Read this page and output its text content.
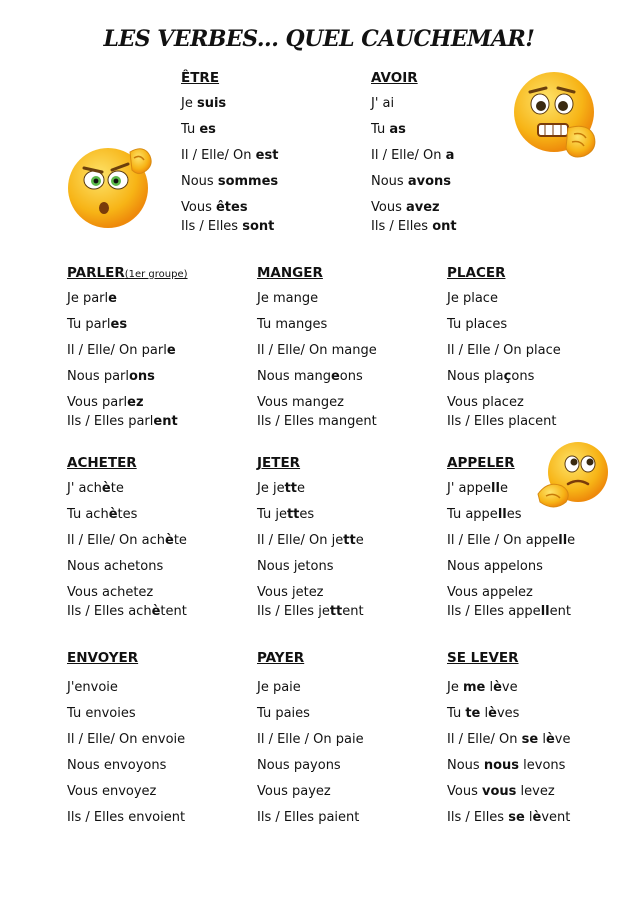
LES VERBES... QUEL CAUCHEMAR!
ÊTRE
Je suis
Tu es
Il / Elle/ On est
Nous sommes
Vous êtes
Ils / Elles sont
AVOIR
J' ai
Tu as
Il / Elle/ On a
Nous avons
Vous avez
Ils / Elles ont
PARLER(1er groupe)
Je parle
Tu parles
Il / Elle/ On parle
Nous parlons
Vous parlez
Ils / Elles parlent
MANGER
Je mange
Tu manges
Il / Elle/ On mange
Nous mangeons
Vous mangez
Ils / Elles mangent
PLACER
Je place
Tu places
Il / Elle / On place
Nous plaçons
Vous placez
Ils / Elles placent
ACHETER
J' achète
Tu achètes
Il / Elle/ On achète
Nous achetons
Vous achetez
Ils / Elles achètent
JETER
Je jette
Tu jettes
Il / Elle/ On jette
Nous jetons
Vous jetez
Ils / Elles jettent
APPELER
J' appelle
Tu appelles
Il / Elle / On appelle
Nous appelons
Vous appelez
Ils / Elles appellent
ENVOYER
J'envoie
Tu envoies
Il / Elle/ On envoie
Nous envoyons
Vous envoyez
Ils / Elles envoient
PAYER
Je paie
Tu paies
Il / Elle / On paie
Nous payons
Vous payez
Ils / Elles paient
SE LEVER
Je me lève
Tu te lèves
Il / Elle/ On se lève
Nous nous levons
Vous vous levez
Ils / Elles se lèvent
